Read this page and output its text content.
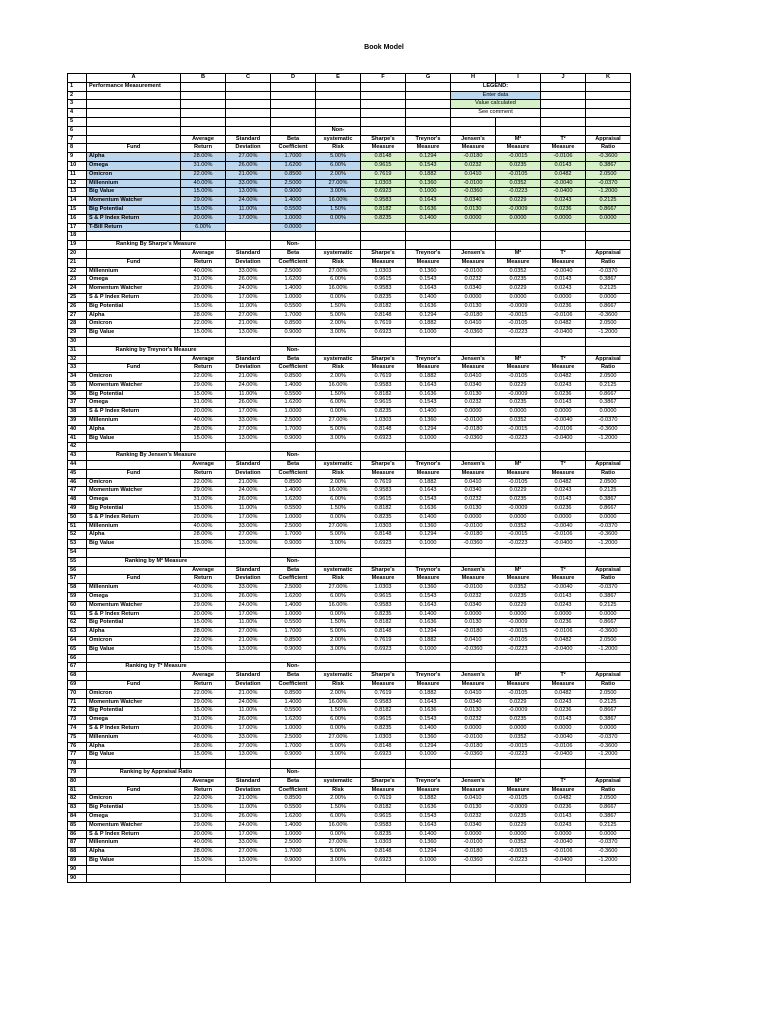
Book Model
	A	B	C	D	E	F	G	H	I	J	K
1	Performance Measurement							LEGEND:			
2								Enter data			
3								Value calculated			
4								See comment			
5											
6					Non-						
7		Average	Standard	Beta	systematic	Sharpe's	Treynor's	Jensen's	M²	T²	Appraisal
8	Fund	Return	Deviation	Coefficient	Risk	Measure	Measure	Measure	Measure	Measure	Ratio
9	Alpha	28.00%	27.00%	1.7000	5.00%	0.8148	0.1294	-0.0180	-0.0015	-0.0106	-0.3600
10	Omega	31.00%	26.00%	1.6200	6.00%	0.9615	0.1543	0.0232	0.0235	0.0143	0.3867
11	Omicron	22.00%	21.00%	0.8500	2.00%	0.7619	0.1882	0.0410	-0.0105	0.0482	2.0500
12	Millennium	40.00%	33.00%	2.5000	27.00%	1.0303	0.1360	-0.0100	0.0352	-0.0040	-0.0370
13	Big Value	15.00%	13.00%	0.9000	3.00%	0.6923	0.1000	-0.0360	-0.0223	-0.0400	-1.2000
14	Momentum Watcher	29.00%	24.00%	1.4000	16.00%	0.9583	0.1643	0.0340	0.0229	0.0243	0.2125
15	Big Potential	15.00%	11.00%	0.5500	1.50%	0.8182	0.1636	0.0130	-0.0009	0.0236	0.8667
16	S & P Index Return	20.00%	17.00%	1.0000	0.00%	0.8235	0.1400	0.0000	0.0000	0.0000	0.0000
17	T-Bill Return	6.00%		0.0000							
18											
19	Ranking By Sharpe's Measure			Non-							
20		Average	Standard	Beta	systematic	Sharpe's	Treynor's	Jensen's	M²	T²	Appraisal
21	Fund	Return	Deviation	Coefficient	Risk	Measure	Measure	Measure	Measure	Measure	Ratio
22	Millennium	40.00%	33.00%	2.5000	27.00%	1.0303	0.1360	-0.0100	0.0352	-0.0040	-0.0370
23	Omega	31.00%	26.00%	1.6200	6.00%	0.9615	0.1543	0.0232	0.0235	0.0143	0.3867
24	Momentum Watcher	29.00%	24.00%	1.4000	16.00%	0.9583	0.1643	0.0340	0.0229	0.0243	0.2125
25	S & P Index Return	20.00%	17.00%	1.0000	0.00%	0.8235	0.1400	0.0000	0.0000	0.0000	0.0000
26	Big Potential	15.00%	11.00%	0.5500	1.50%	0.8182	0.1636	0.0130	-0.0009	0.0236	0.8667
27	Alpha	28.00%	27.00%	1.7000	5.00%	0.8148	0.1294	-0.0180	-0.0015	-0.0106	-0.3600
28	Omicron	22.00%	21.00%	0.8500	2.00%	0.7619	0.1882	0.0410	-0.0105	0.0482	2.0500
29	Big Value	15.00%	13.00%	0.9000	3.00%	0.6923	0.1000	-0.0360	-0.0223	-0.0400	-1.2000
30											
31	Ranking by Treynor's Measure			Non-							
32		Average	Standard	Beta	systematic	Sharpe's	Treynor's	Jensen's	M²	T²	Appraisal
33	Fund	Return	Deviation	Coefficient	Risk	Measure	Measure	Measure	Measure	Measure	Ratio
34	Omicron	22.00%	21.00%	0.8500	2.00%	0.7619	0.1882	0.0410	-0.0105	0.0482	2.0500
35	Momentum Watcher	29.00%	24.00%	1.4000	16.00%	0.9583	0.1643	0.0340	0.0229	0.0243	0.2125
36	Big Potential	15.00%	11.00%	0.5500	1.50%	0.8182	0.1636	0.0130	-0.0009	0.0236	0.8667
37	Omega	31.00%	26.00%	1.6200	6.00%	0.9615	0.1543	0.0232	0.0235	0.0143	0.3867
38	S & P Index Return	20.00%	17.00%	1.0000	0.00%	0.8235	0.1400	0.0000	0.0000	0.0000	0.0000
39	Millennium	40.00%	33.00%	2.5000	27.00%	1.0303	0.1360	-0.0100	0.0352	-0.0040	-0.0370
40	Alpha	28.00%	27.00%	1.7000	5.00%	0.8148	0.1294	-0.0180	-0.0015	-0.0106	-0.3600
41	Big Value	15.00%	13.00%	0.9000	3.00%	0.6923	0.1000	-0.0360	-0.0223	-0.0400	-1.2000
42											
43	Ranking By Jensen's Measure			Non-							
44		Average	Standard	Beta	systematic	Sharpe's	Treynor's	Jensen's	M²	T²	Appraisal
45	Fund	Return	Deviation	Coefficient	Risk	Measure	Measure	Measure	Measure	Measure	Ratio
46	Omicron	22.00%	21.00%	0.8500	2.00%	0.7619	0.1882	0.0410	-0.0105	0.0482	2.0500
47	Momentum Watcher	29.00%	24.00%	1.4000	16.00%	0.9583	0.1643	0.0340	0.0229	0.0243	0.2125
48	Omega	31.00%	26.00%	1.6200	6.00%	0.9615	0.1543	0.0232	0.0235	0.0143	0.3867
49	Big Potential	15.00%	11.00%	0.5500	1.50%	0.8182	0.1636	0.0130	-0.0009	0.0236	0.8667
50	S & P Index Return	20.00%	17.00%	1.0000	0.00%	0.8235	0.1400	0.0000	0.0000	0.0000	0.0000
51	Millennium	40.00%	33.00%	2.5000	27.00%	1.0303	0.1360	-0.0100	0.0352	-0.0040	-0.0370
52	Alpha	28.00%	27.00%	1.7000	5.00%	0.8148	0.1294	-0.0180	-0.0015	-0.0106	-0.3600
53	Big Value	15.00%	13.00%	0.9000	3.00%	0.6923	0.1000	-0.0360	-0.0223	-0.0400	-1.2000
54											
55	Ranking by M² Measure			Non-							
56		Average	Standard	Beta	systematic	Sharpe's	Treynor's	Jensen's	M²	T²	Appraisal
57	Fund	Return	Deviation	Coefficient	Risk	Measure	Measure	Measure	Measure	Measure	Ratio
58	Millennium	40.00%	33.00%	2.5000	27.00%	1.0303	0.1360	-0.0100	0.0352	-0.0040	-0.0370
59	Omega	31.00%	26.00%	1.6200	6.00%	0.9615	0.1543	0.0232	0.0235	0.0143	0.3867
60	Momentum Watcher	29.00%	24.00%	1.4000	16.00%	0.9583	0.1643	0.0340	0.0229	0.0243	0.2125
61	S & P Index Return	20.00%	17.00%	1.0000	0.00%	0.8235	0.1400	0.0000	0.0000	0.0000	0.0000
62	Big Potential	15.00%	11.00%	0.5500	1.50%	0.8182	0.1636	0.0130	-0.0009	0.0236	0.8667
63	Alpha	28.00%	27.00%	1.7000	5.00%	0.8148	0.1294	-0.0180	-0.0015	-0.0106	-0.3600
64	Omicron	22.00%	21.00%	0.8500	2.00%	0.7619	0.1882	0.0410	-0.0105	0.0482	2.0500
65	Big Value	15.00%	13.00%	0.9000	3.00%	0.6923	0.1000	-0.0360	-0.0223	-0.0400	-1.2000
66											
67	Ranking by T² Measure			Non-							
68		Average	Standard	Beta	systematic	Sharpe's	Treynor's	Jensen's	M²	T²	Appraisal
69	Fund	Return	Deviation	Coefficient	Risk	Measure	Measure	Measure	Measure	Measure	Ratio
70	Omicron	22.00%	21.00%	0.8500	2.00%	0.7619	0.1882	0.0410	-0.0105	0.0482	2.0500
71	Momentum Watcher	29.00%	24.00%	1.4000	16.00%	0.9583	0.1643	0.0340	0.0229	0.0243	0.2125
72	Big Potential	15.00%	11.00%	0.5500	1.50%	0.8182	0.1636	0.0130	-0.0009	0.0236	0.8667
73	Omega	31.00%	26.00%	1.6200	6.00%	0.9615	0.1543	0.0232	0.0235	0.0143	0.3867
74	S & P Index Return	20.00%	17.00%	1.0000	0.00%	0.8235	0.1400	0.0000	0.0000	0.0000	0.0000
75	Millennium	40.00%	33.00%	2.5000	27.00%	1.0303	0.1360	-0.0100	0.0352	-0.0040	-0.0370
76	Alpha	28.00%	27.00%	1.7000	5.00%	0.8148	0.1294	-0.0180	-0.0015	-0.0106	-0.3600
77	Big Value	15.00%	13.00%	0.9000	3.00%	0.6923	0.1000	-0.0360	-0.0223	-0.0400	-1.2000
78											
79	Ranking by Appraisal Ratio			Non-							
80		Average	Standard	Beta	systematic	Sharpe's	Treynor's	Jensen's	M²	T²	Appraisal
81	Fund	Return	Deviation	Coefficient	Risk	Measure	Measure	Measure	Measure	Measure	Ratio
82	Omicron	22.00%	21.00%	0.8500	2.00%	0.7619	0.1882	0.0410	-0.0105	0.0482	2.0500
83	Big Potential	15.00%	11.00%	0.5500	1.50%	0.8182	0.1636	0.0130	-0.0009	0.0236	0.8667
84	Omega	31.00%	26.00%	1.6200	6.00%	0.9615	0.1543	0.0232	0.0235	0.0143	0.3867
85	Momentum Watcher	29.00%	24.00%	1.4000	16.00%	0.9583	0.1643	0.0340	0.0229	0.0243	0.2125
86	S & P Index Return	20.00%	17.00%	1.0000	0.00%	0.8235	0.1400	0.0000	0.0000	0.0000	0.0000
87	Millennium	40.00%	33.00%	2.5000	27.00%	1.0303	0.1360	-0.0100	0.0352	-0.0040	-0.0370
88	Alpha	28.00%	27.00%	1.7000	5.00%	0.8148	0.1294	-0.0180	-0.0015	-0.0106	-0.3600
89	Big Value	15.00%	13.00%	0.9000	3.00%	0.6923	0.1000	-0.0360	-0.0223	-0.0400	-1.2000
90											
90											
